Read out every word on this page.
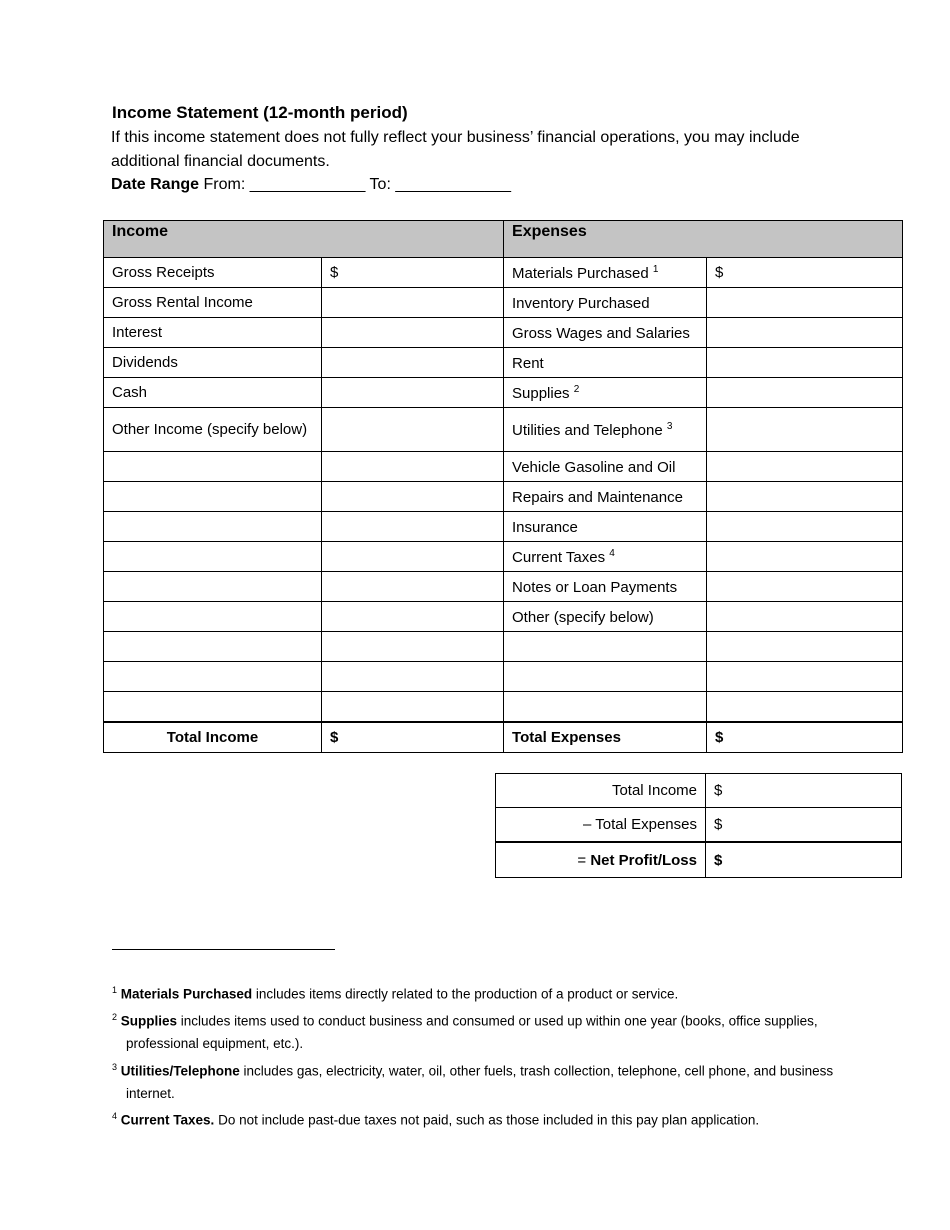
Income Statement (12-month period)
If this income statement does not fully reflect your business’ financial operations, you may include additional financial documents.
Date Range From: _____________ To: _____________
Income		Expenses	
Gross Receipts	$	Materials Purchased $^1$	$
Gross Rental Income		Inventory Purchased	
Interest		Gross Wages and Salaries	
Dividends		Rent	
Cash		Supplies $^2$	
Other Income (specify below)		Utilities and Telephone $^3$	
		Vehicle Gasoline and Oil	
		Repairs and Maintenance	
		Insurance	
		Current Taxes $^4$	
		Notes or Loan Payments	
		Other (specify below)	

Total Income	$	Total Expenses	$
Total Income	$
– Total Expenses	$
= Net Profit/Loss	$
$^1$ Materials Purchased includes items directly related to the production of a product or service.
$^2$ Supplies includes items used to conduct business and consumed or used up within one year (books, office supplies, professional equipment, etc.).
$^3$ Utilities/Telephone includes gas, electricity, water, oil, other fuels, trash collection, telephone, cell phone, and business internet.
$^4$ Current Taxes. Do not include past-due taxes not paid, such as those included in this pay plan application.
